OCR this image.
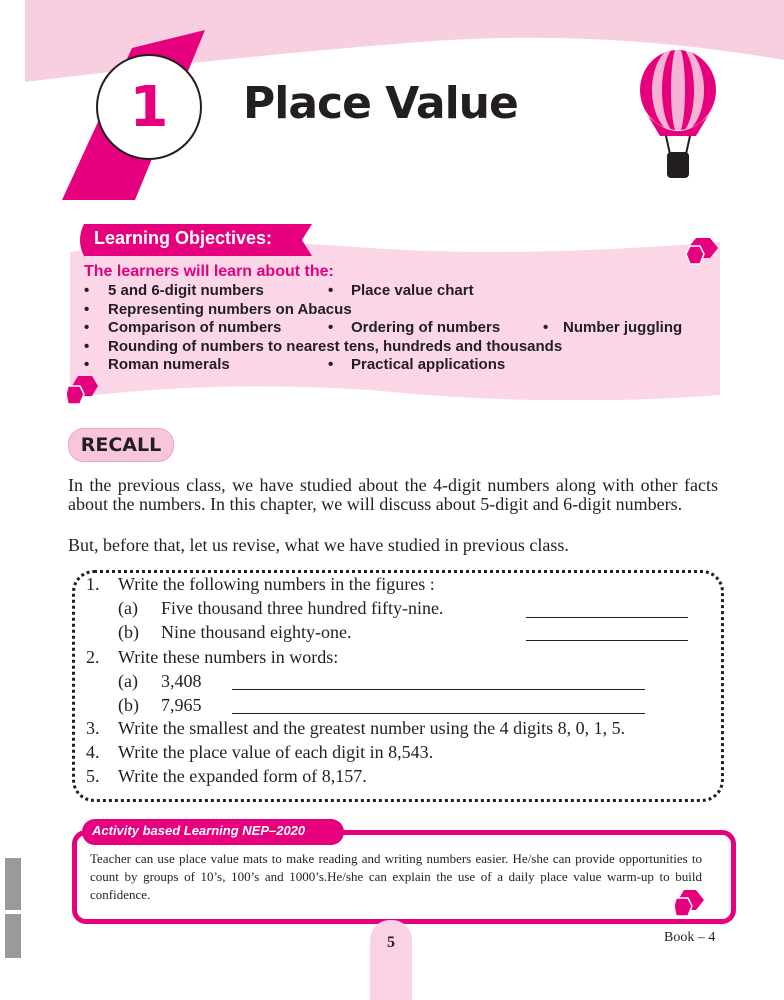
1	Place Value
Learning Objectives:
The learners will learn about the:
• 5 and 6-digit numbers	• Place value chart
• Representing numbers on Abacus
• Comparison of numbers	• Ordering of numbers	• Number juggling
• Rounding of numbers to nearest tens, hundreds and thousands
• Roman numerals	• Practical applications
RECALL
In the previous class, we have studied about the 4-digit numbers along with other facts about the numbers. In this chapter, we will discuss about 5-digit and 6-digit numbers.
But, before that, let us revise, what we have studied in previous class.
1. Write the following numbers in the figures :
(a) Five thousand three hundred fifty-nine.
(b) Nine thousand eighty-one.
2. Write these numbers in words:
(a) 3,408
(b) 7,965
3. Write the smallest and the greatest number using the 4 digits 8, 0, 1, 5.
4. Write the place value of each digit in 8,543.
5. Write the expanded form of 8,157.
Activity based Learning NEP–2020
Teacher can use place value mats to make reading and writing numbers easier. He/she can provide opportunities to count by groups of 10’s, 100’s and 1000’s.He/she can explain the use of a daily place value warm-up to build confidence.
5	Book – 4
